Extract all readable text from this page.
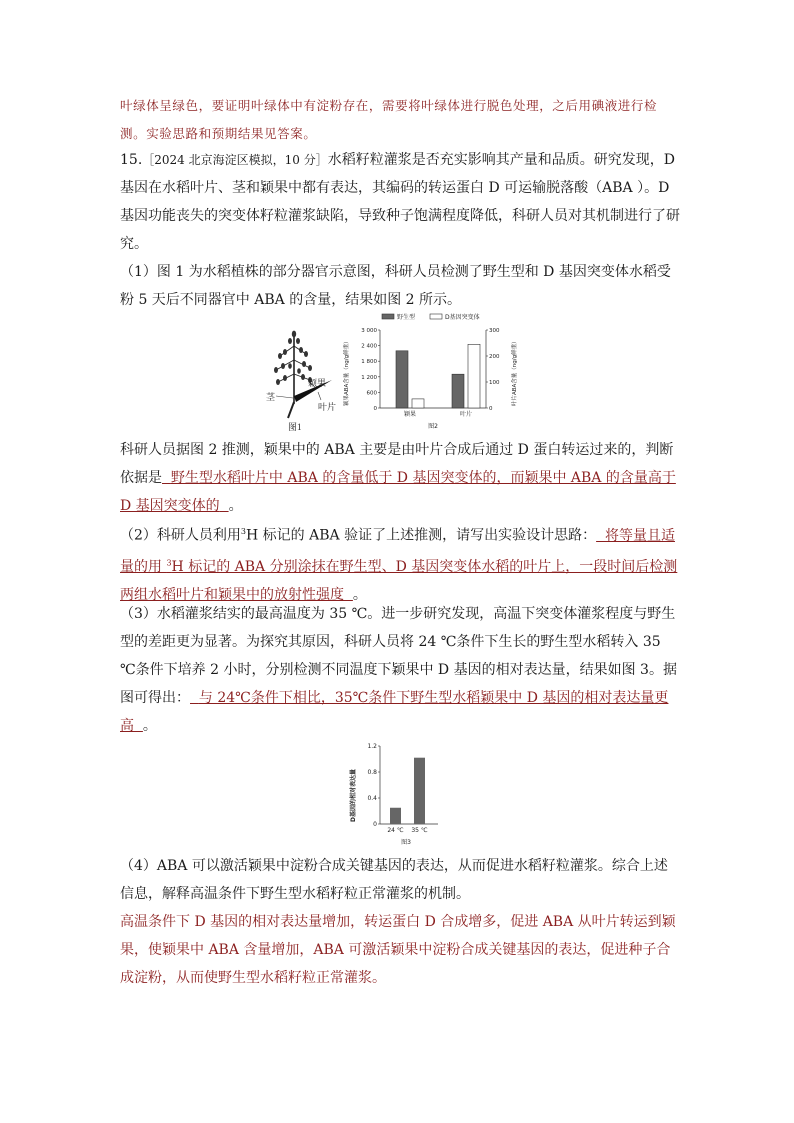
叶绿体呈绿色，要证明叶绿体中有淀粉存在，需要将叶绿体进行脱色处理，之后用碘液进行检测。实验思路和预期结果见答案。
15.［2024 北京海淀区模拟，10 分］水稻籽粒灌浆是否充实影响其产量和品质。研究发现，D 基因在水稻叶片、茎和颖果中都有表达，其编码的转运蛋白 D 可运输脱落酸（ABA ）。D 基因功能丧失的突变体籽粒灌浆缺陷，导致种子饱满程度降低，科研人员对其机制进行了研究。
（1）图 1 为水稻植株的部分器官示意图，科研人员检测了野生型和 D 基因突变体水稻受粉 5 天后不同器官中 ABA 的含量，结果如图 2 所示。
茎
颖果
叶片
图1
野生型	D基因突变体
3 000
2 400
1 800
1 200
600
0
300
200
100
0
颖果ABA含量（ng/g鲜重）	叶片ABA含量（ng/g鲜重）
颖果	叶片
图2
科研人员据图 2 推测，颖果中的 ABA 主要是由叶片合成后通过 D 蛋白转运过来的，判断依据是 野生型水稻叶片中 ABA 的含量低于 D 基因突变体的，而颖果中 ABA 的含量高于 D 基因突变体的 。
（2）科研人员利用$^3$H 标记的 ABA 验证了上述推测，请写出实验设计思路： 将等量且适量的用 $^3$H 标记的 ABA 分别涂抹在野生型、D 基因突变体水稻的叶片上，一段时间后检测两组水稻叶片和颖果中的放射性强度 。
（3）水稻灌浆结实的最高温度为 35 ℃。进一步研究发现，高温下突变体灌浆程度与野生型的差距更为显著。为探究其原因，科研人员将 24 ℃条件下生长的野生型水稻转入 35 ℃条件下培养 2 小时，分别检测不同温度下颖果中 D 基因的相对表达量，结果如图 3。据图可得出： 与 24℃条件下相比，35℃条件下野生型水稻颖果中 D 基因的相对表达量更高 。
1.2
0.8
0.4
0
D基因的相对表达量
24 ℃ 35 ℃
图3
（4）ABA 可以激活颖果中淀粉合成关键基因的表达，从而促进水稻籽粒灌浆。综合上述信息，解释高温条件下野生型水稻籽粒正常灌浆的机制。
高温条件下 D 基因的相对表达量增加，转运蛋白 D 合成增多，促进 ABA 从叶片转运到颖果，使颖果中 ABA 含量增加，ABA 可激活颖果中淀粉合成关键基因的表达，促进种子合成淀粉，从而使野生型水稻籽粒正常灌浆。
